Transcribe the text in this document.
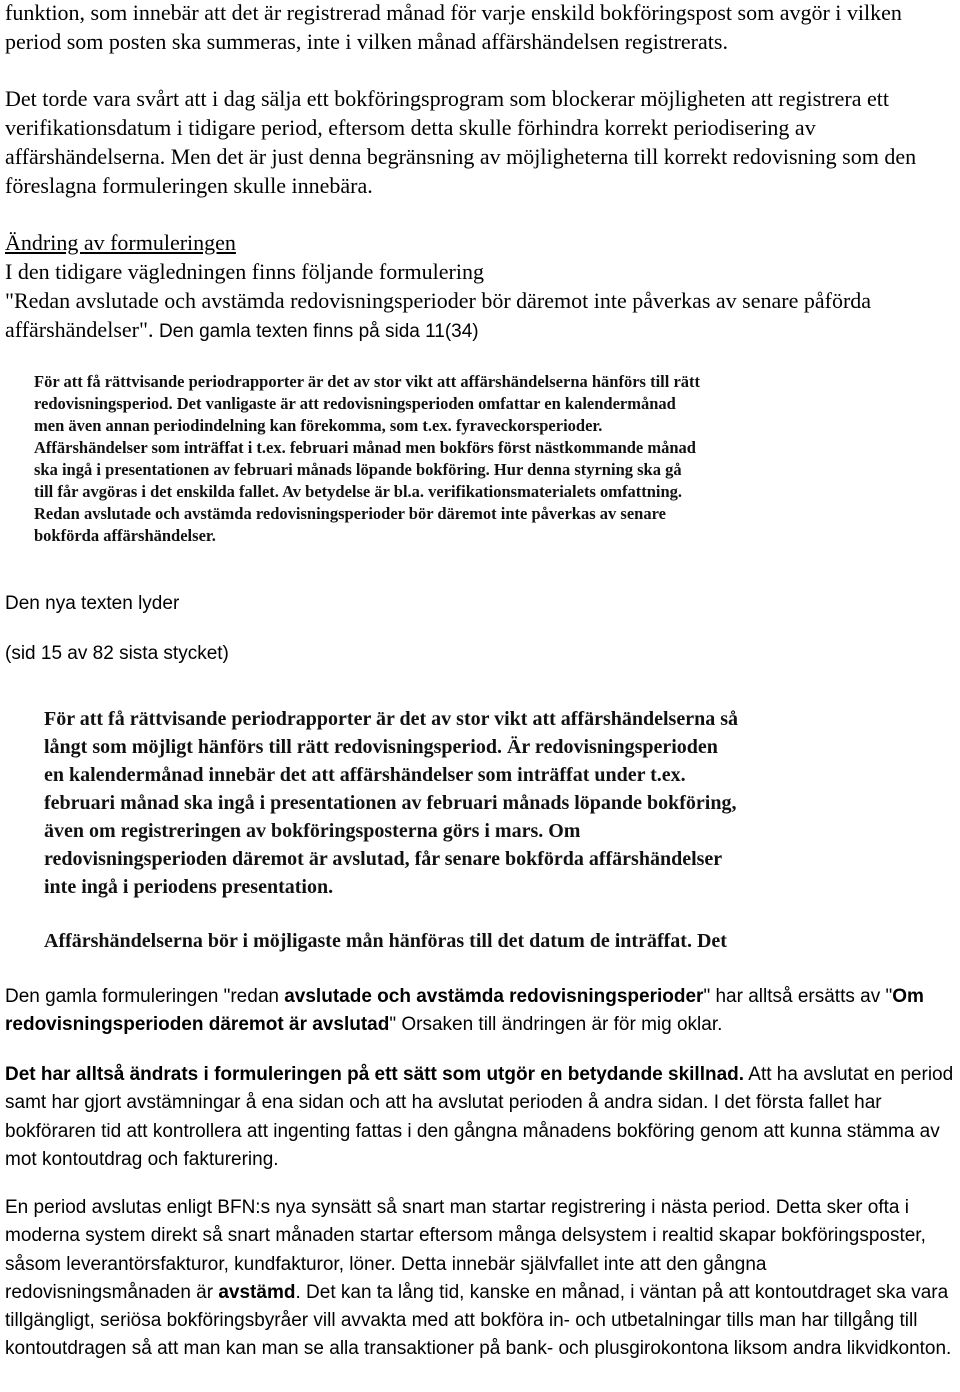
funktion, som innebär att det är registrerad månad för varje enskild bokföringspost som avgör i vilken period som posten ska summeras, inte i vilken månad affärshändelsen registrerats.

Det torde vara svårt att i dag sälja ett bokföringsprogram som blockerar möjligheten att registrera ett verifikationsdatum i tidigare period, eftersom detta skulle förhindra korrekt periodisering av affärshändelserna. Men det är just denna begränsning av möjligheterna till korrekt redovisning som den föreslagna formuleringen skulle innebära.

Ändring av formuleringen
I den tidigare vägledningen finns följande formulering
"Redan avslutade och avstämda redovisningsperioder bör däremot inte påverkas av senare påförda affärshändelser". Den gamla texten finns på sida 11(34)
För att få rättvisande periodrapporter är det av stor vikt att affärshändelserna hänförs till rätt
redovisningsperiod. Det vanligaste är att redovisningsperioden omfattar en kalendermånad
men även annan periodindelning kan förekomma, som t.ex. fyraveckorsperioder.
Affärshändelser som inträffat i t.ex. februari månad men bokförs först nästkommande månad
ska ingå i presentationen av februari månads löpande bokföring. Hur denna styrning ska gå
till får avgöras i det enskilda fallet. Av betydelse är bl.a. verifikationsmaterialets omfattning.
Redan avslutade och avstämda redovisningsperioder bör däremot inte påverkas av senare
bokförda affärshändelser.

Den nya texten lyder

(sid 15 av 82 sista stycket)

För att få rättvisande periodrapporter är det av stor vikt att affärshändelserna så
långt som möjligt hänförs till rätt redovisningsperiod. Är redovisningsperioden
en kalendermånad innebär det att affärshändelser som inträffat under t.ex.
februari månad ska ingå i presentationen av februari månads löpande bokföring,
även om registreringen av bokföringsposterna görs i mars. Om
redovisningsperioden däremot är avslutad, får senare bokförda affärshändelser
inte ingå i periodens presentation.
Affärshändelserna bör i möjligaste mån hänföras till det datum de inträffat. Det

Den gamla formuleringen "redan avslutade och avstämda redovisningsperioder" har alltså ersätts av "Om redovisningsperioden däremot är avslutad" Orsaken till ändringen är för mig oklar.

Det har alltså ändrats i formuleringen på ett sätt som utgör en betydande skillnad. Att ha avslutat en period samt har gjort avstämningar å ena sidan och att ha avslutat perioden å andra sidan. I det första fallet har bokföraren tid att kontrollera att ingenting fattas i den gångna månadens bokföring genom att kunna stämma av mot kontoutdrag och fakturering.

En period avslutas enligt BFN:s nya synsätt så snart man startar registrering i nästa period. Detta sker ofta i moderna system direkt så snart månaden startar eftersom många delsystem i realtid skapar bokföringsposter, såsom leverantörsfakturor, kundfakturor, löner. Detta innebär självfallet inte att den gångna redovisningsmånaden är avstämd. Det kan ta lång tid, kanske en månad, i väntan på att kontoutdraget ska vara tillgängligt, seriösa bokföringsbyråer vill avvakta med att bokföra in- och utbetalningar tills man har tillgång till kontoutdragen så att man kan man se alla transaktioner på bank- och plusgirokontona liksom andra likvidkonton.
